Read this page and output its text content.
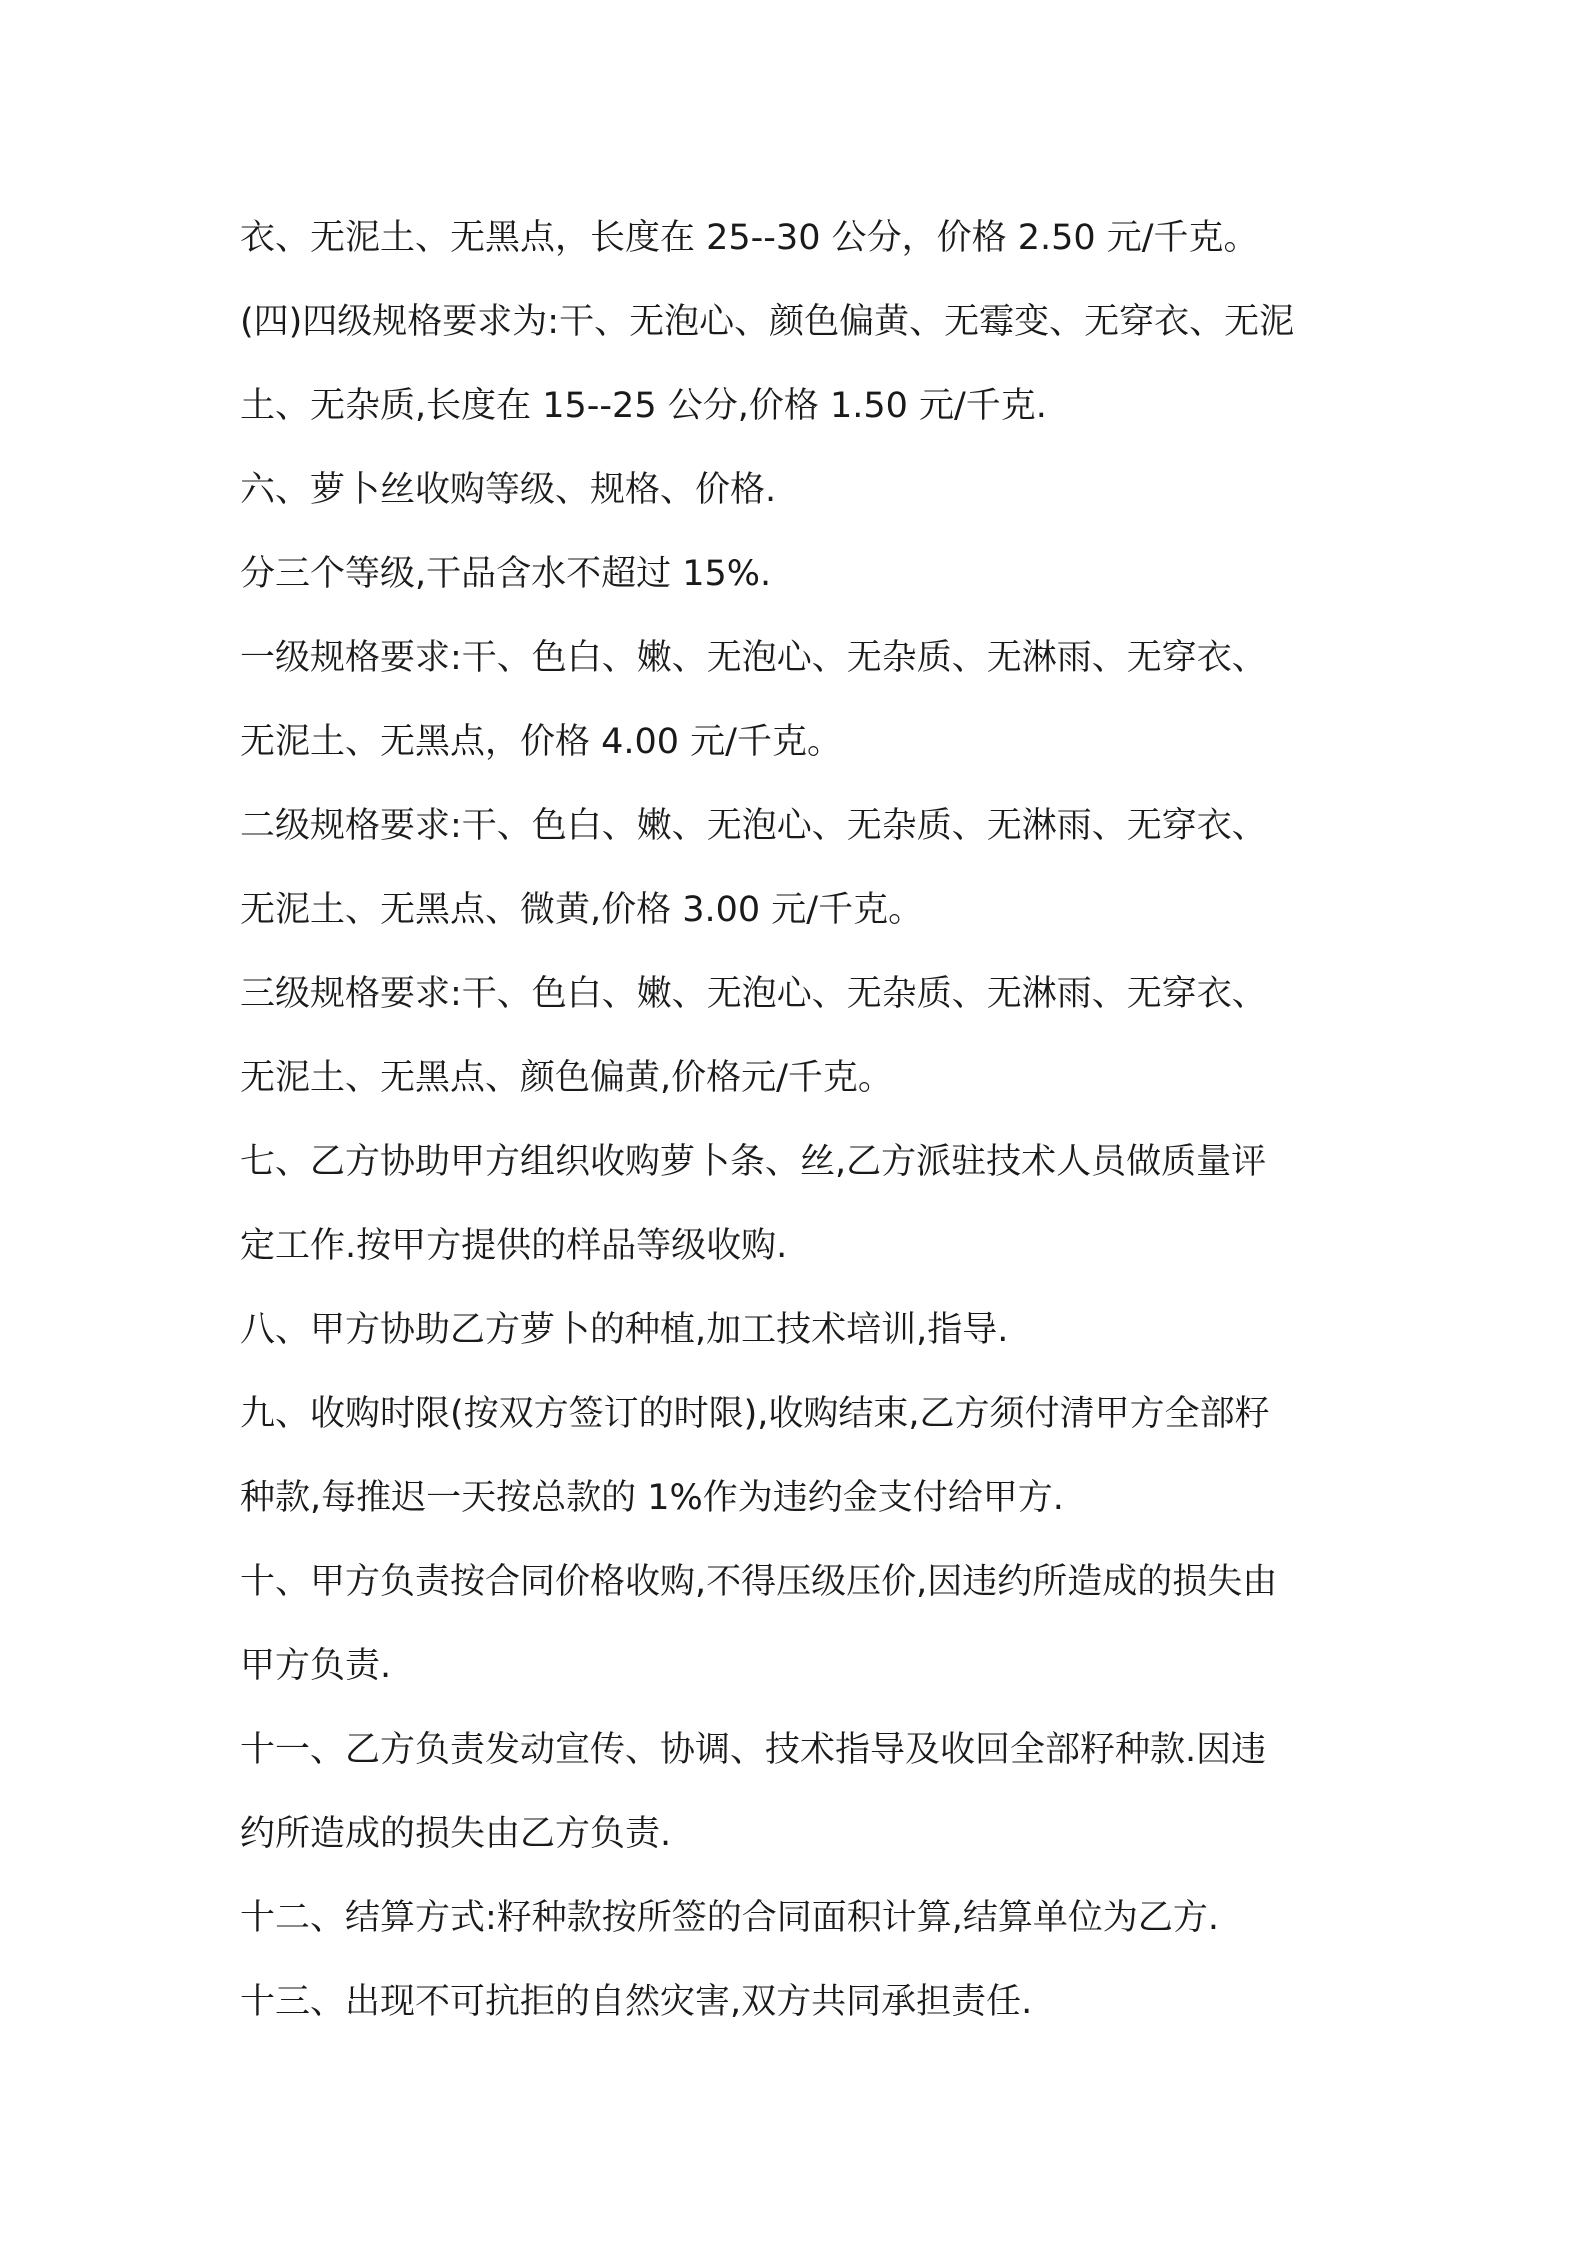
衣、无泥土、无黑点，长度在 25--30 公分，价格 2.50 元/千克。
(四)四级规格要求为:干、无泡心、颜色偏黄、无霉变、无穿衣、无泥
土、无杂质,长度在 15--25 公分,价格 1.50 元/千克.
六、萝卜丝收购等级、规格、价格.
分三个等级,干品含水不超过 15%.
一级规格要求:干、色白、嫩、无泡心、无杂质、无淋雨、无穿衣、
无泥土、无黑点，价格 4.00 元/千克。
二级规格要求:干、色白、嫩、无泡心、无杂质、无淋雨、无穿衣、
无泥土、无黑点、微黄,价格 3.00 元/千克。
三级规格要求:干、色白、嫩、无泡心、无杂质、无淋雨、无穿衣、
无泥土、无黑点、颜色偏黄,价格元/千克。
七、乙方协助甲方组织收购萝卜条、丝,乙方派驻技术人员做质量评
定工作.按甲方提供的样品等级收购.
八、甲方协助乙方萝卜的种植,加工技术培训,指导.
九、收购时限(按双方签订的时限),收购结束,乙方须付清甲方全部籽
种款,每推迟一天按总款的 1%作为违约金支付给甲方.
十、甲方负责按合同价格收购,不得压级压价,因违约所造成的损失由
甲方负责.
十一、乙方负责发动宣传、协调、技术指导及收回全部籽种款.因违
约所造成的损失由乙方负责.
十二、结算方式:籽种款按所签的合同面积计算,结算单位为乙方.
十三、出现不可抗拒的自然灾害,双方共同承担责任.
